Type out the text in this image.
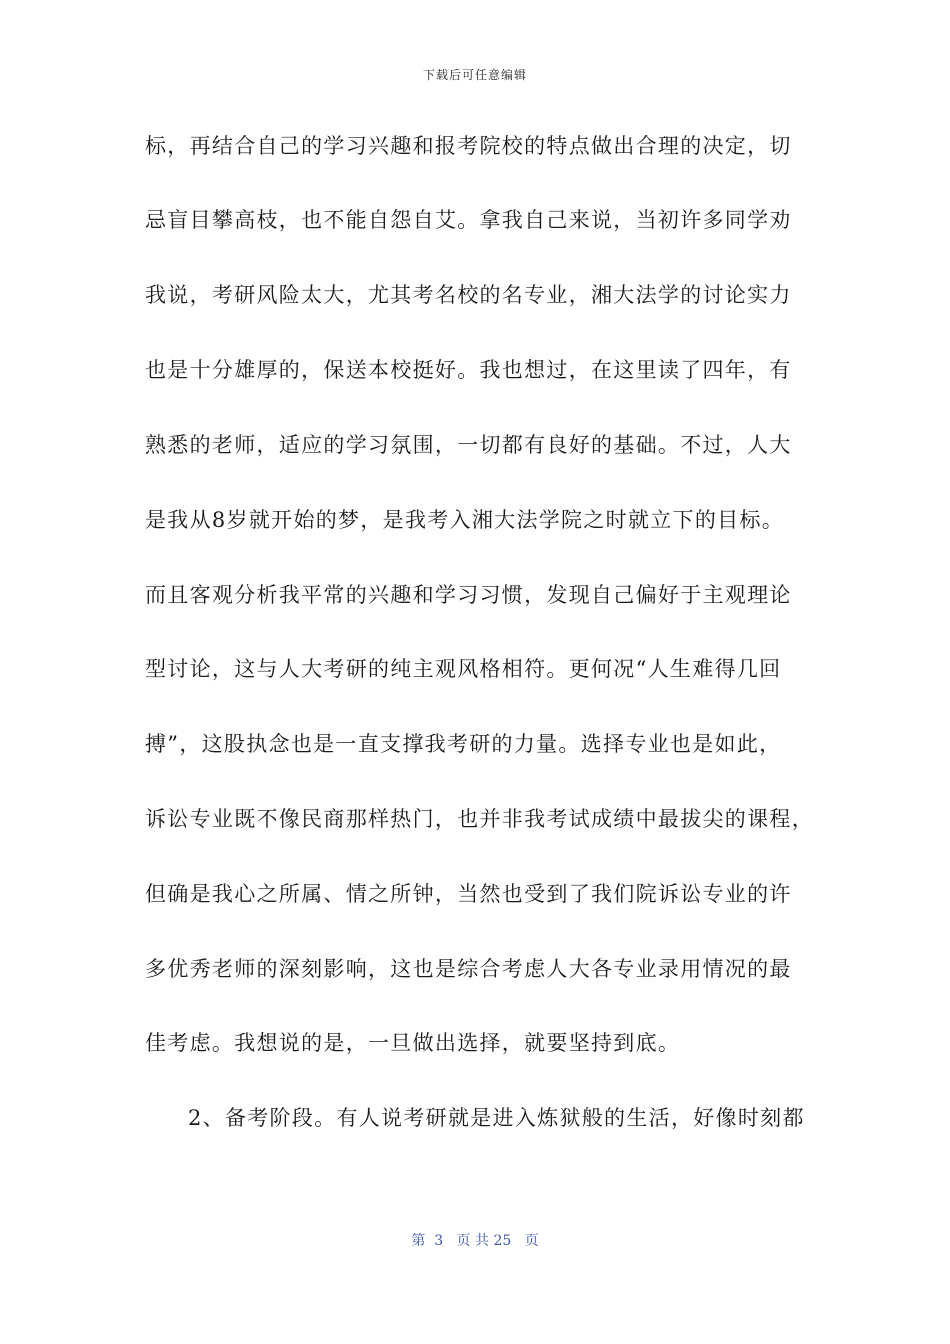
下载后可任意编辑
标，再结合自己的学习兴趣和报考院校的特点做出合理的决定，切
忌盲目攀高枝，也不能自怨自艾。拿我自己来说，当初许多同学劝
我说，考研风险太大，尤其考名校的名专业，湘大法学的讨论实力
也是十分雄厚的，保送本校挺好。我也想过，在这里读了四年，有
熟悉的老师，适应的学习氛围，一切都有良好的基础。不过，人大
是我从8岁就开始的梦，是我考入湘大法学院之时就立下的目标。
而且客观分析我平常的兴趣和学习习惯，发现自己偏好于主观理论
型讨论，这与人大考研的纯主观风格相符。更何况“人生难得几回
搏”，这股执念也是一直支撑我考研的力量。选择专业也是如此，
诉讼专业既不像民商那样热门，也并非我考试成绩中最拔尖的课程，
但确是我心之所属、情之所钟，当然也受到了我们院诉讼专业的许
多优秀老师的深刻影响，这也是综合考虑人大各专业录用情况的最
佳考虑。我想说的是，一旦做出选择，就要坚持到底。
2、备考阶段。有人说考研就是进入炼狱般的生活，好像时刻都
第 3 页 共 25 页
